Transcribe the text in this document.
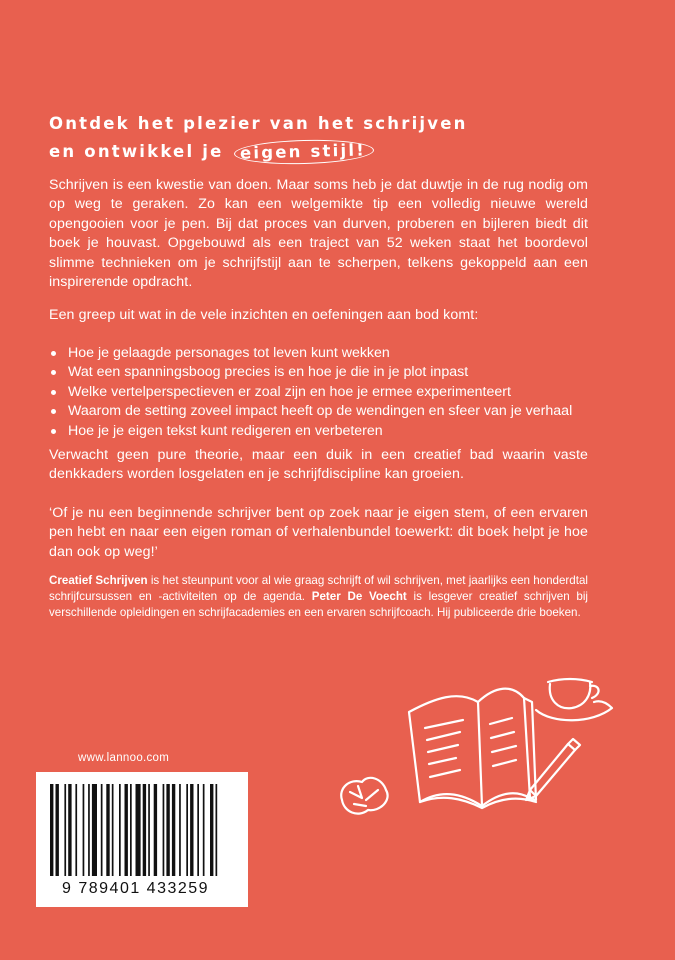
Ontdek het plezier van het schrijven
en ontwikkel je eigen stijl!

Schrijven is een kwestie van doen. Maar soms heb je dat duwtje in de rug nodig om op weg te geraken. Zo kan een welgemikte tip een volledig nieuwe wereld opengooien voor je pen. Bij dat proces van durven, proberen en bijleren biedt dit boek je houvast. Opgebouwd als een traject van 52 weken staat het boordevol slimme technieken om je schrijfstijl aan te scherpen, telkens gekoppeld aan een inspirerende opdracht.

Een greep uit wat in de vele inzichten en oefeningen aan bod komt:

Hoe je gelaagde personages tot leven kunt wekken
Wat een spanningsboog precies is en hoe je die in je plot inpast
Welke vertelperspectieven er zoal zijn en hoe je ermee experimenteert
Waarom de setting zoveel impact heeft op de wendingen en sfeer van je verhaal
Hoe je je eigen tekst kunt redigeren en verbeteren

Verwacht geen pure theorie, maar een duik in een creatief bad waarin vaste denkkaders worden losgelaten en je schrijfdiscipline kan groeien.

‘Of je nu een beginnende schrijver bent op zoek naar je eigen stem, of een ervaren pen hebt en naar een eigen roman of verhalenbundel toewerkt: dit boek helpt je hoe dan ook op weg!’

Creatief Schrijven is het steunpunt voor al wie graag schrijft of wil schrijven, met jaarlijks een honderdtal schrijfcursussen en -activiteiten op de agenda. Peter De Voecht is lesgever creatief schrijven bij verschillende opleidingen en schrijfacademies en een ervaren schrijfcoach. Hij publiceerde drie boeken.

www.lannoo.com
9 789401 433259
